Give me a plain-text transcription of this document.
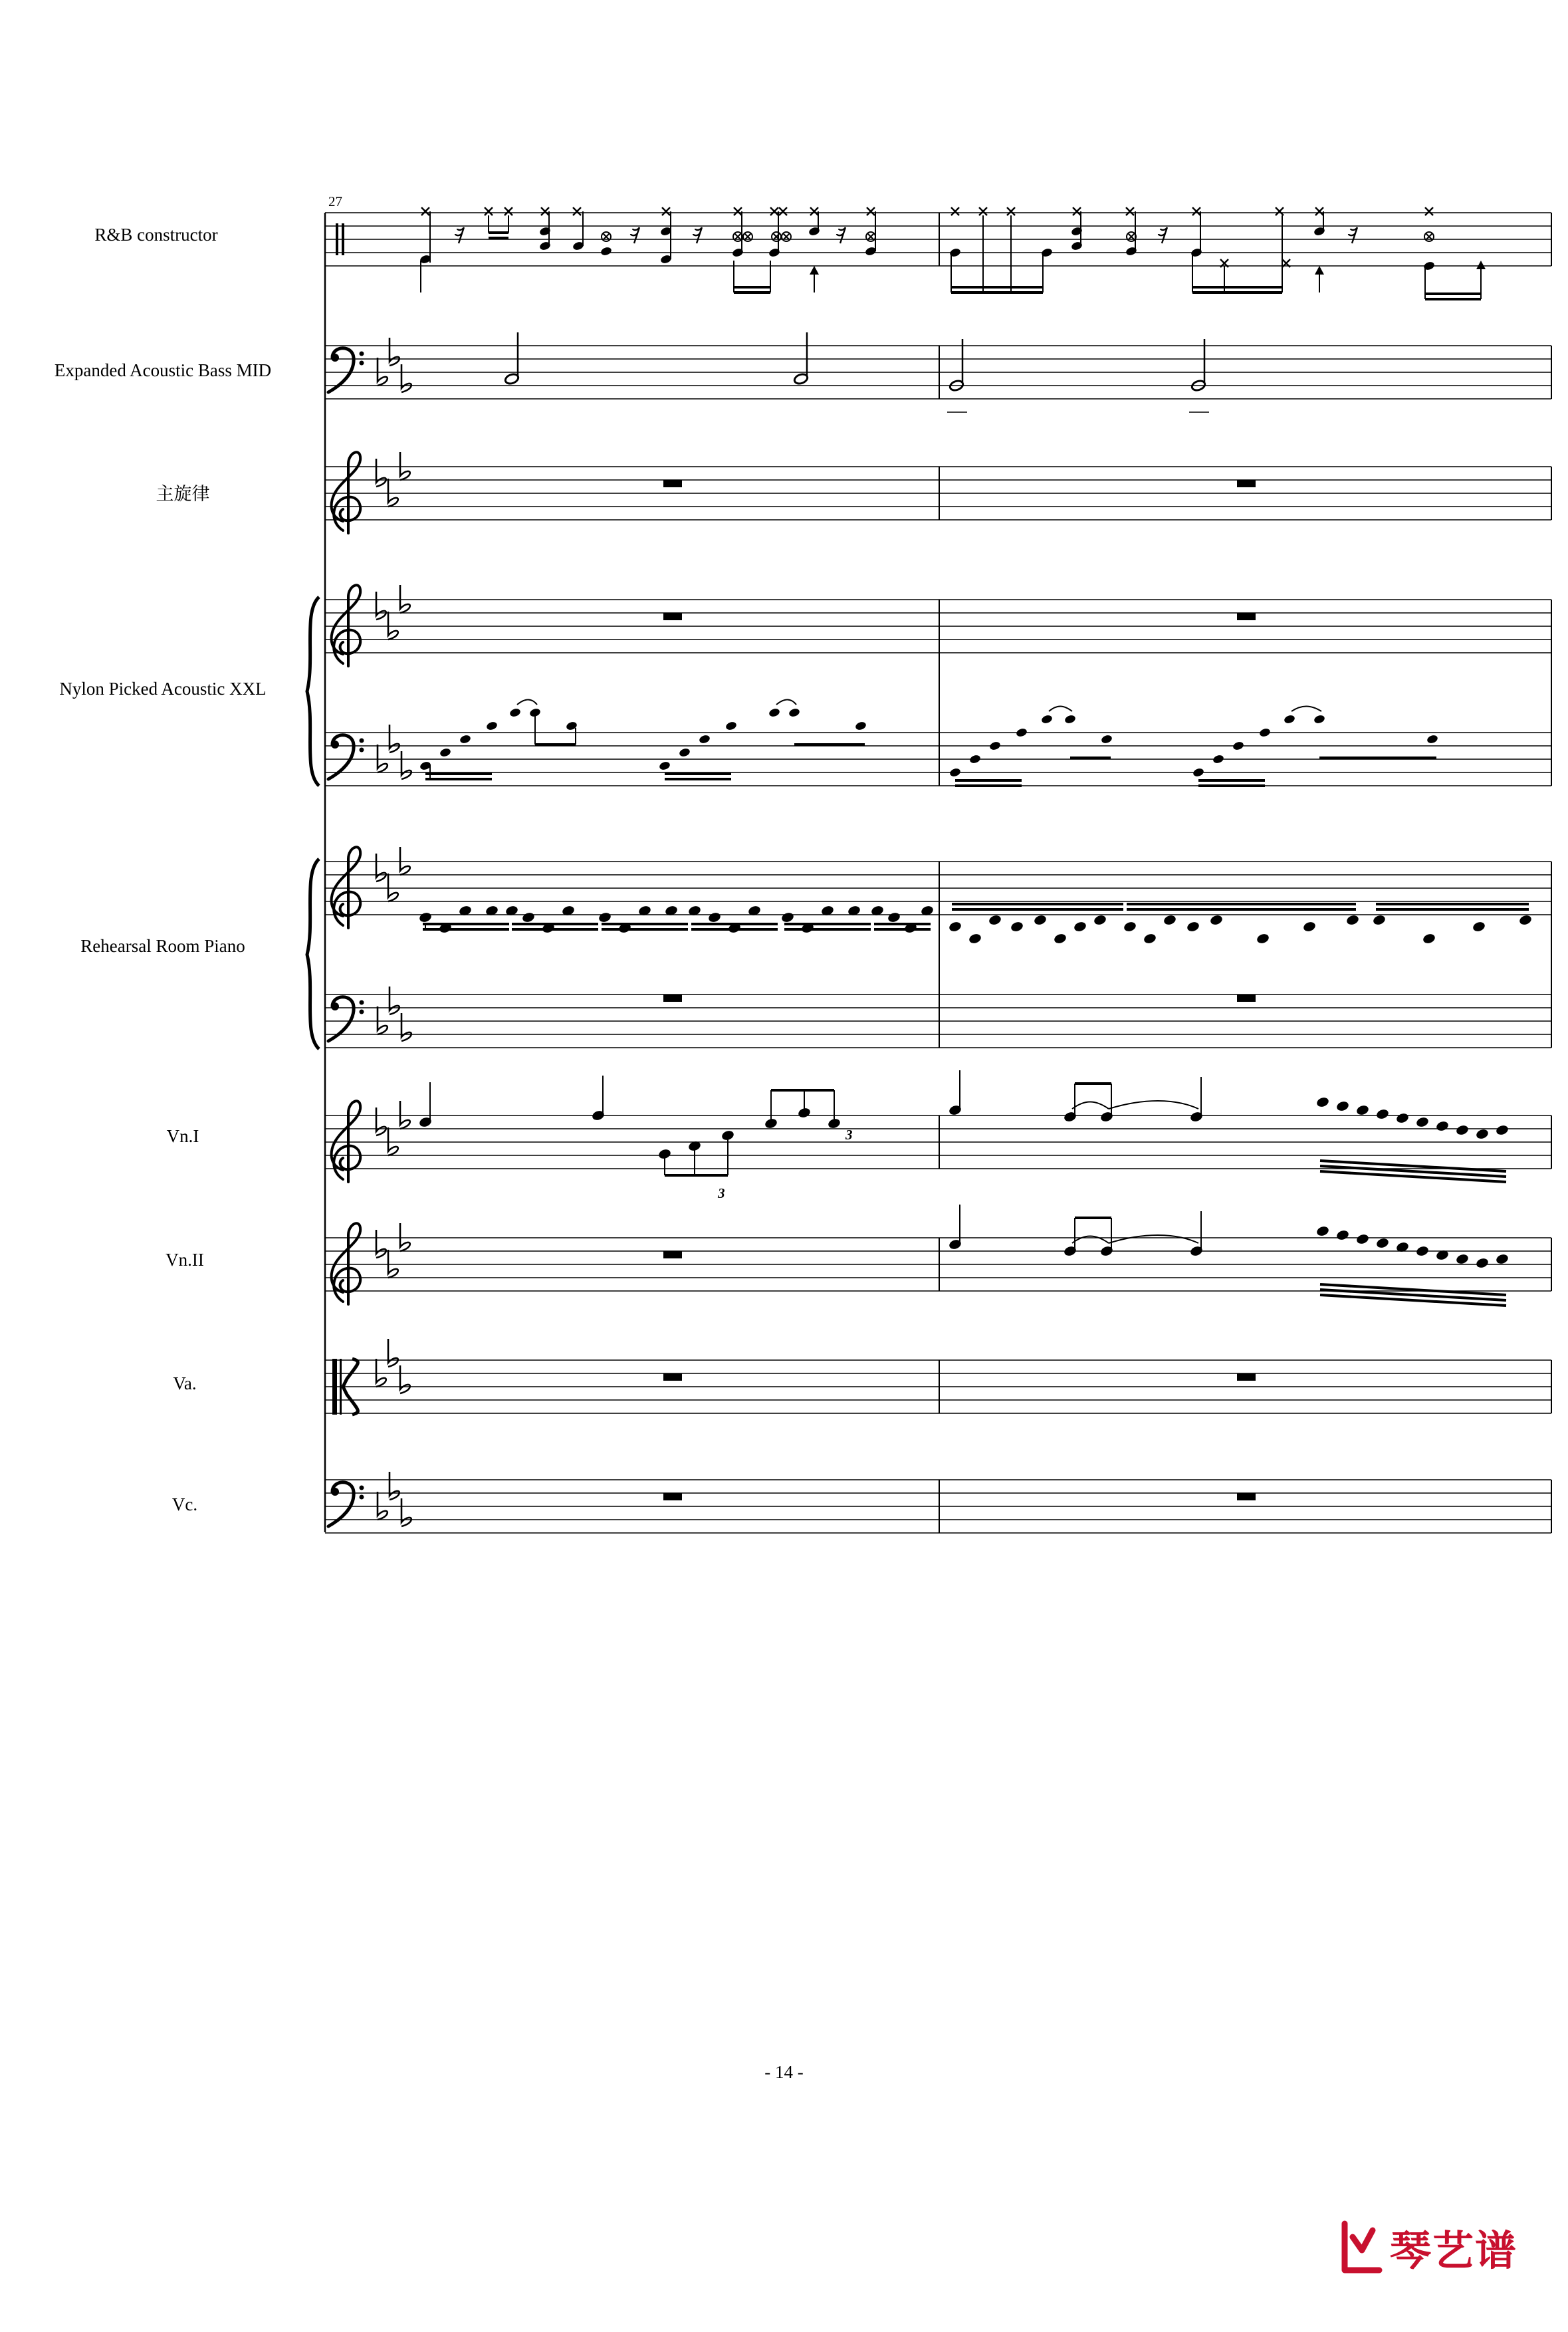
27
R&B constructor
Expanded Acoustic Bass MID
主旋律
Nylon Picked Acoustic XXL
Rehearsal Room Piano
Vn.I
3
3
Vn.II
Va.
Vc.
- 14 -
琴艺谱
